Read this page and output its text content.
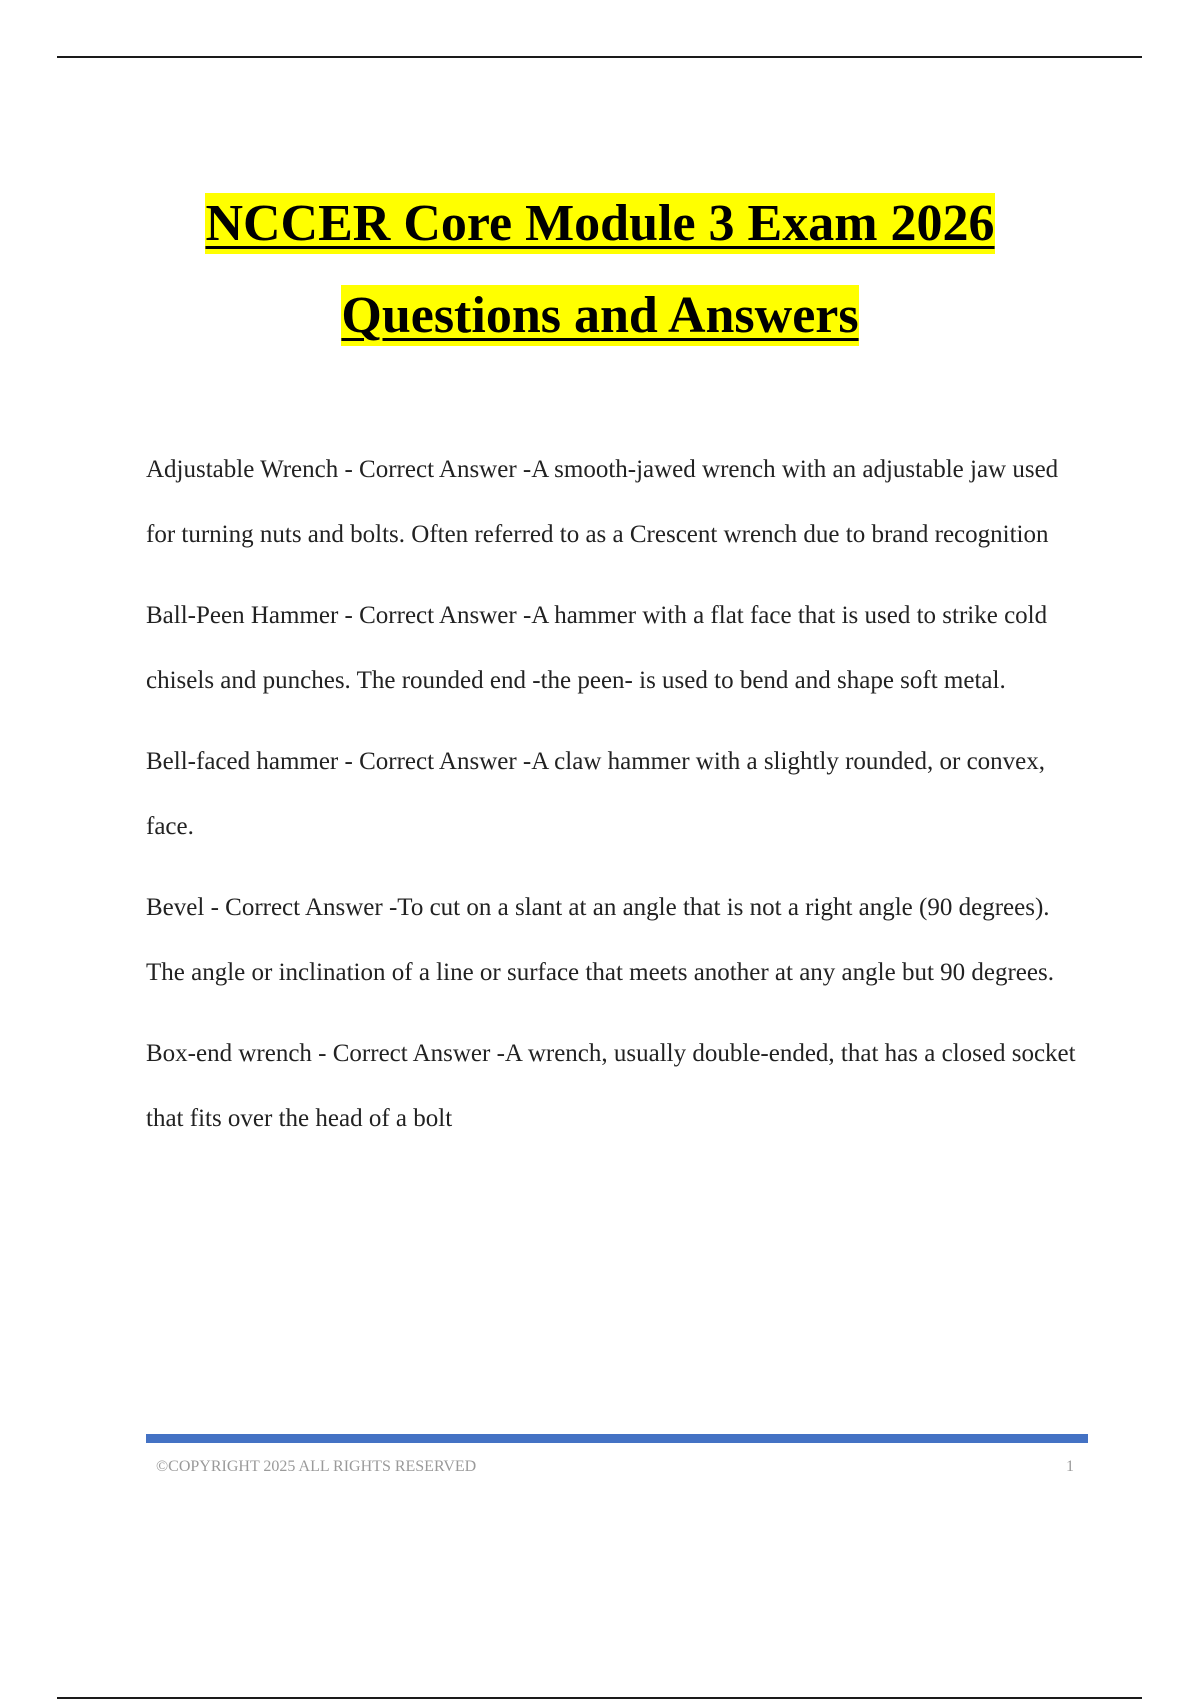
NCCER Core Module 3 Exam 2026
Questions and Answers

Adjustable Wrench - Correct Answer -A smooth-jawed wrench with an adjustable jaw used for turning nuts and bolts. Often referred to as a Crescent wrench due to brand recognition

Ball-Peen Hammer - Correct Answer -A hammer with a flat face that is used to strike cold chisels and punches. The rounded end -the peen- is used to bend and shape soft metal.

Bell-faced hammer - Correct Answer -A claw hammer with a slightly rounded, or convex, face.

Bevel - Correct Answer -To cut on a slant at an angle that is not a right angle (90 degrees). The angle or inclination of a line or surface that meets another at any angle but 90 degrees.

Box-end wrench - Correct Answer -A wrench, usually double-ended, that has a closed socket that fits over the head of a bolt

©COPYRIGHT 2025 ALL RIGHTS RESERVED	1
